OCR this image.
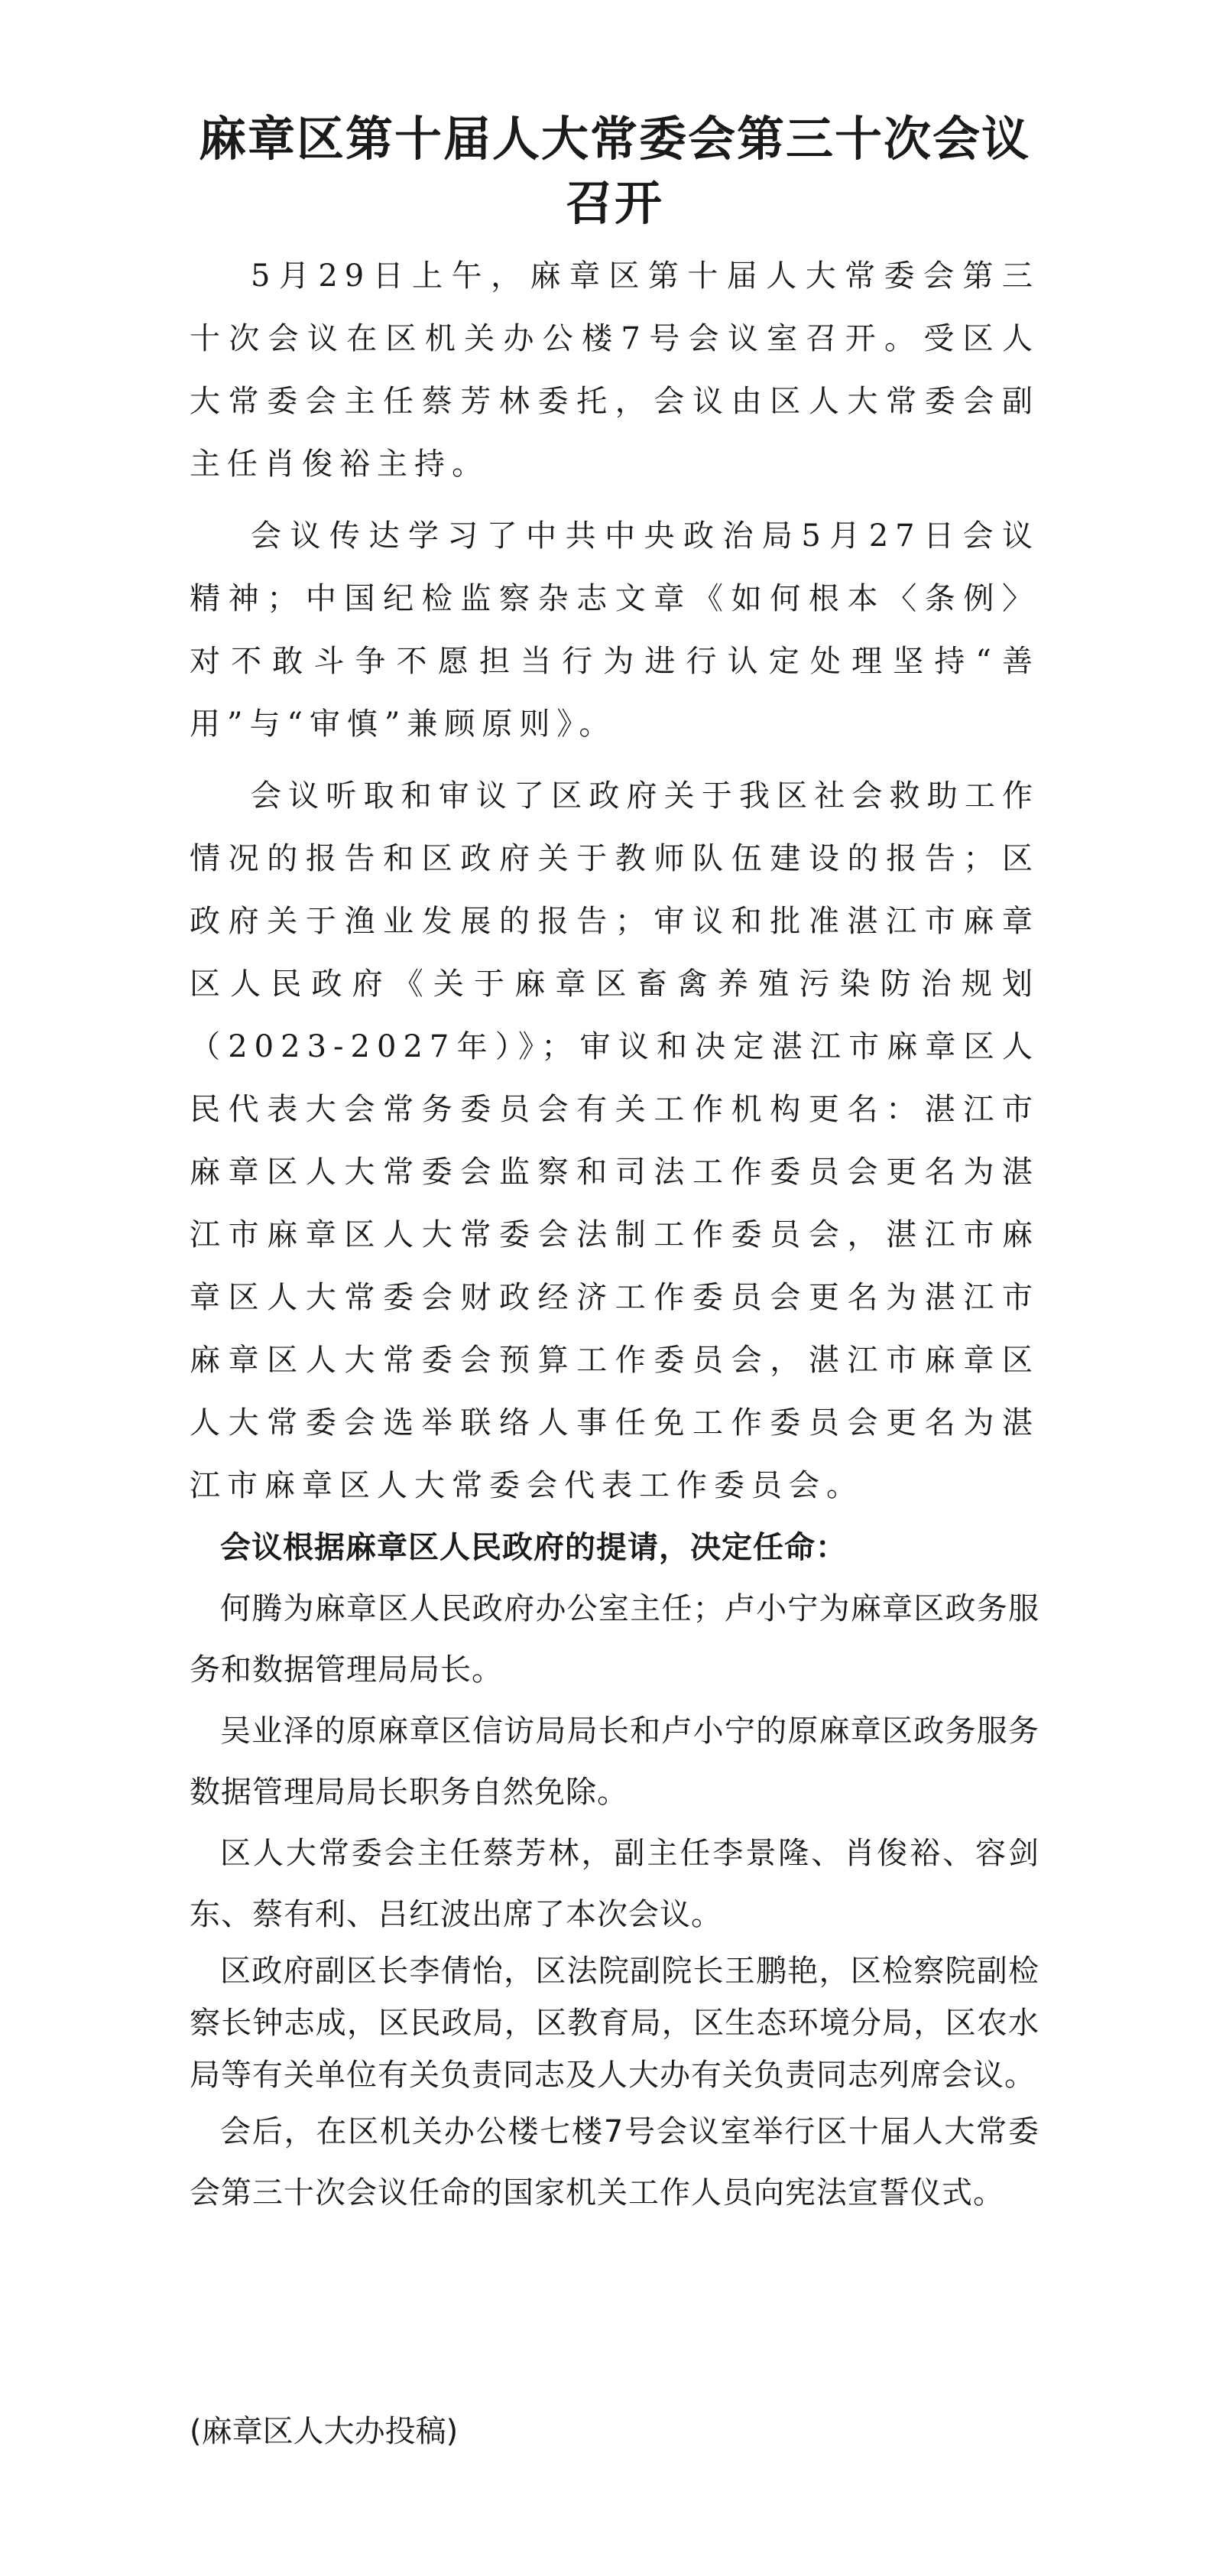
麻章区第十届人大常委会第三十次会议
召开

5月29日上午，麻章区第十届人大常委会第三十次会议在区机关办公楼7号会议室召开。受区人大常委会主任蔡芳林委托，会议由区人大常委会副主任肖俊裕主持。

会议传达学习了中共中央政治局5月27日会议精神；中国纪检监察杂志文章《如何根本〈条例〉对不敢斗争不愿担当行为进行认定处理坚持“善用”与“审慎”兼顾原则》。

会议听取和审议了区政府关于我区社会救助工作情况的报告和区政府关于教师队伍建设的报告；区政府关于渔业发展的报告；审议和批准湛江市麻章区人民政府《关于麻章区畜禽养殖污染防治规划（2023-2027年）》；审议和决定湛江市麻章区人民代表大会常务委员会有关工作机构更名：湛江市麻章区人大常委会监察和司法工作委员会更名为湛江市麻章区人大常委会法制工作委员会，湛江市麻章区人大常委会财政经济工作委员会更名为湛江市麻章区人大常委会预算工作委员会，湛江市麻章区人大常委会选举联络人事任免工作委员会更名为湛江市麻章区人大常委会代表工作委员会。

会议根据麻章区人民政府的提请，决定任命：

何腾为麻章区人民政府办公室主任；卢小宁为麻章区政务服务和数据管理局局长。

吴业泽的原麻章区信访局局长和卢小宁的原麻章区政务服务数据管理局局长职务自然免除。

区人大常委会主任蔡芳林，副主任李景隆、肖俊裕、容剑东、蔡有利、吕红波出席了本次会议。

区政府副区长李倩怡，区法院副院长王鹏艳，区检察院副检察长钟志成，区民政局，区教育局，区生态环境分局，区农水局等有关单位有关负责同志及人大办有关负责同志列席会议。

会后，在区机关办公楼七楼7号会议室举行区十届人大常委会第三十次会议任命的国家机关工作人员向宪法宣誓仪式。

(麻章区人大办投稿)
